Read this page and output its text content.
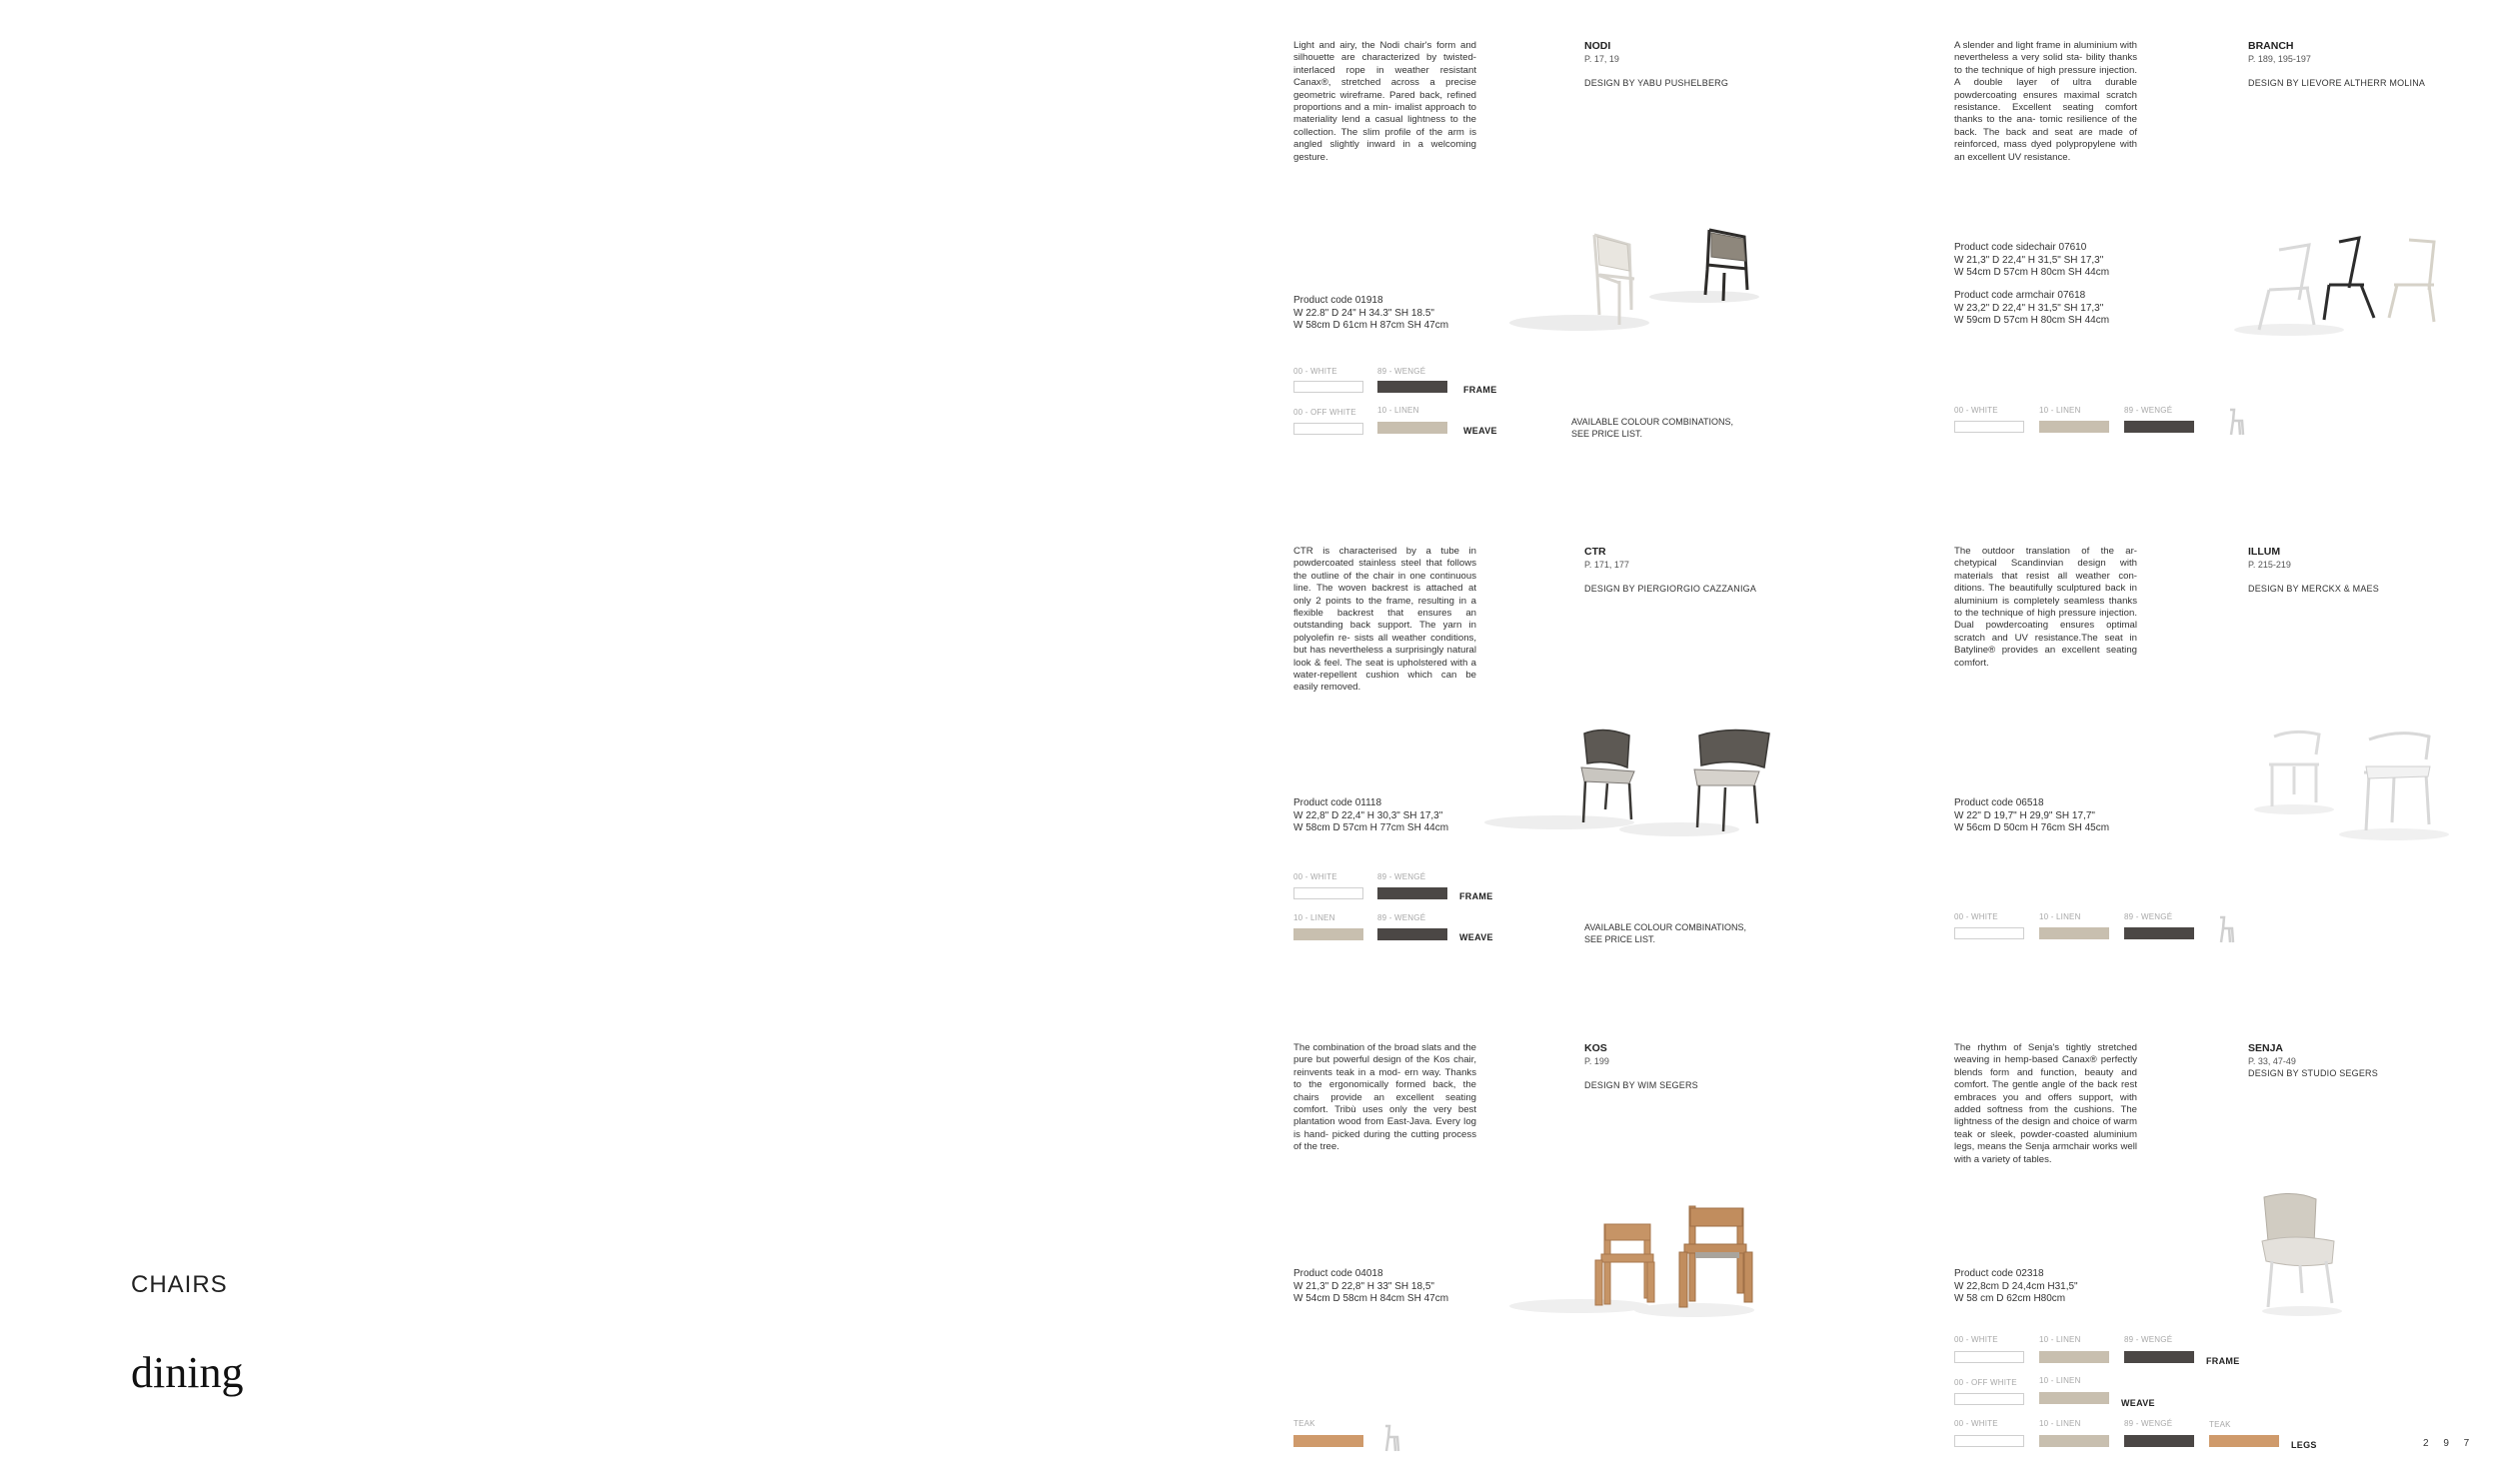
CHAIRS
dining
Light and airy, the Nodi chair's form and silhouette are characterized by twisted-interlaced rope in weather resistant Canax®, stretched across a precise geometric wireframe. Pared back, refined proportions and a min- imalist approach to materiality lend a casual lightness to the collection. The slim profile of the arm is angled slightly inward in a welcoming gesture.
NODI
P. 17, 19
DESIGN BY YABU PUSHELBERG
Product code 01918
W 22.8" D 24" H 34.3" SH 18.5"
W 58cm D 61cm H 87cm SH 47cm
00 - WHITE	89 - WENGÉ
FRAME
00 - OFF WHITE	10 - LINEN
WEAVE
AVAILABLE COLOUR COMBINATIONS,
SEE PRICE LIST.
A slender and light frame in aluminium with nevertheless a very solid sta- bility thanks to the technique of high pressure injection. A double layer of ultra durable powdercoating ensures maximal scratch resistance. Excellent seating comfort thanks to the ana- tomic resilience of the back. The back and seat are made of reinforced, mass dyed polypropylene with an excellent UV resistance.
BRANCH
P. 189, 195-197
DESIGN BY LIEVORE ALTHERR MOLINA
Product code sidechair 07610
W 21,3" D 22,4" H 31,5" SH 17,3"
W 54cm D 57cm H 80cm SH 44cm
Product code armchair 07618
W 23,2" D 22,4" H 31,5" SH 17,3"
W 59cm D 57cm H 80cm SH 44cm
00 - WHITE	10 - LINEN	89 - WENGÉ
CTR is characterised by a tube in powdercoated stainless steel that follows the outline of the chair in one continuous line. The woven backrest is attached at only 2 points to the frame, resulting in a flexible backrest that ensures an outstanding back support. The yarn in polyolefin re- sists all weather conditions, but has nevertheless a surprisingly natural look & feel. The seat is upholstered with a water-repellent cushion which can be easily removed.
CTR
P. 171, 177
DESIGN BY PIERGIORGIO CAZZANIGA
Product code 01118
W 22,8" D 22,4" H 30,3" SH 17,3"
W 58cm D 57cm H 77cm SH 44cm
00 - WHITE	89 - WENGÉ
FRAME
10 - LINEN	89 - WENGÉ
WEAVE
AVAILABLE COLOUR COMBINATIONS,
SEE PRICE LIST.
The outdoor translation of the ar- chetypical Scandinvian design with materials that resist all weather con- ditions. The beautifully sculptured back in aluminium is completely seamless thanks to the technique of high pressure injection. Dual powdercoating ensures optimal scratch and UV resistance.The seat in Batyline® provides an excellent seating comfort.
ILLUM
P. 215-219
DESIGN BY MERCKX & MAES
Product code 06518
W 22" D 19,7" H 29,9" SH 17,7"
W 56cm D 50cm H 76cm SH 45cm
00 - WHITE	10 - LINEN	89 - WENGÉ
The combination of the broad slats and the pure but powerful design of the Kos chair, reinvents teak in a mod- ern way. Thanks to the ergonomically formed back, the chairs provide an excellent seating comfort. Tribù uses only the very best plantation wood from East-Java. Every log is hand- picked during the cutting process of the tree.
KOS
P. 199
DESIGN BY WIM SEGERS
Product code 04018
W 21,3" D 22,8" H 33" SH 18,5"
W 54cm D 58cm H 84cm SH 47cm
TEAK
The rhythm of Senja's tightly stretched weaving in hemp-based Canax® perfectly blends form and function, beauty and comfort. The gentle angle of the back rest embraces you and offers support, with added softness from the cushions. The lightness of the design and choice of warm teak or sleek, powder-coasted aluminium legs, means the Senja armchair works well with a variety of tables.
SENJA
P. 33, 47-49
DESIGN BY STUDIO SEGERS
Product code 02318
W 22,8cm D 24,4cm H31,5"
W 58 cm D 62cm H80cm
00 - WHITE	10 - LINEN	89 - WENGÉ
FRAME
00 - OFF WHITE	10 - LINEN
WEAVE
00 - WHITE	10 - LINEN	89 - WENGÉ	TEAK
LEGS	2 9 7
